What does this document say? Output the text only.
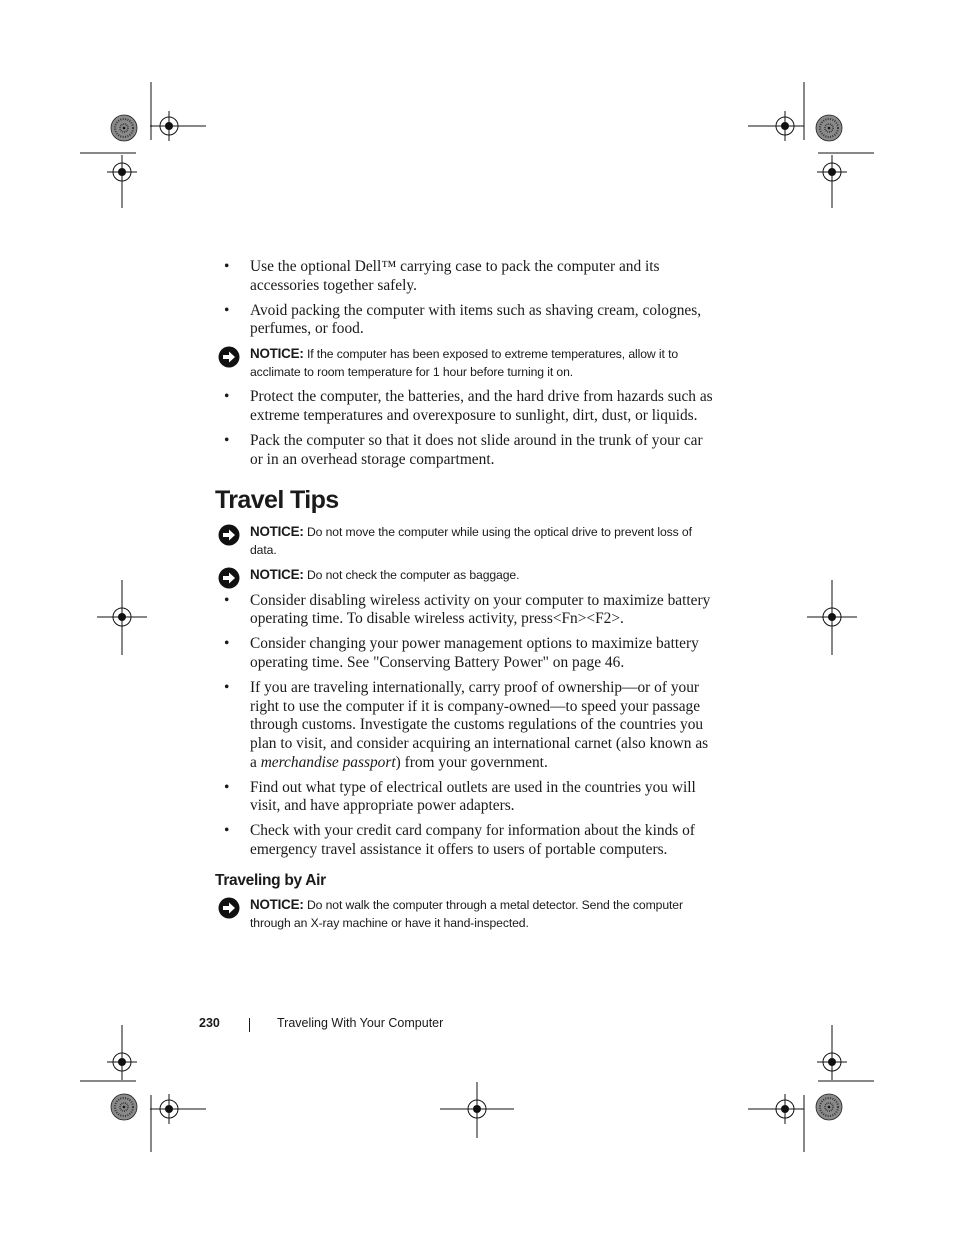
• Use the optional Dell™ carrying case to pack the computer and its accessories together safely.
• Avoid packing the computer with items such as shaving cream, colognes, perfumes, or food.

NOTICE: If the computer has been exposed to extreme temperatures, allow it to acclimate to room temperature for 1 hour before turning it on.

• Protect the computer, the batteries, and the hard drive from hazards such as extreme temperatures and overexposure to sunlight, dirt, dust, or liquids.
• Pack the computer so that it does not slide around in the trunk of your car or in an overhead storage compartment.
Travel Tips

NOTICE: Do not move the computer while using the optical drive to prevent loss of data.

NOTICE: Do not check the computer as baggage.

• Consider disabling wireless activity on your computer to maximize battery operating time. To disable wireless activity, press<Fn><F2>.
• Consider changing your power management options to maximize battery operating time. See "Conserving Battery Power" on page 46.
• If you are traveling internationally, carry proof of ownership—or of your right to use the computer if it is company-owned—to speed your passage through customs. Investigate the customs regulations of the countries you plan to visit, and consider acquiring an international carnet (also known as a merchandise passport) from your government.
• Find out what type of electrical outlets are used in the countries you will visit, and have appropriate power adapters.
• Check with your credit card company for information about the kinds of emergency travel assistance it offers to users of portable computers.
Traveling by Air

NOTICE: Do not walk the computer through a metal detector. Send the computer through an X-ray machine or have it hand-inspected.

230	Traveling With Your Computer
